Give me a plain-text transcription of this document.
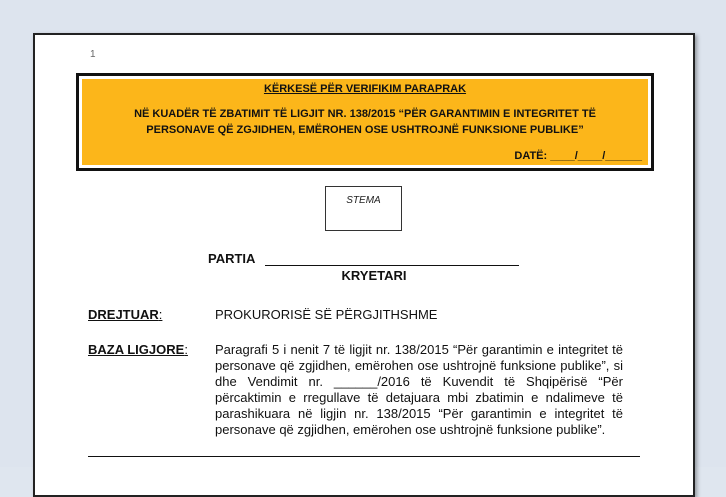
1
KËRKESË PËR VERIFIKIM PARAPRAK
NË KUADËR TË ZBATIMIT TË LIGJIT NR. 138/2015 “PËR GARANTIMIN E INTEGRITET TË
PERSONAVE QË ZGJIDHEN, EMËROHEN OSE USHTROJNË FUNKSIONE PUBLIKE”
DATË: ____/____/______
STEMA
PARTIA
KRYETARI
DREJTUAR:	PROKURORISË SË PËRGJITHSHME
BAZA LIGJORE: Paragrafi 5 i nenit 7 të ligjit nr. 138/2015 “Për garantimin e integritet të personave që zgjidhen, emërohen ose ushtrojnë funksione publike”, si dhe Vendimit nr. ______/2016 të Kuvendit të Shqipërisë “Për përcaktimin e rregullave të detajuara mbi zbatimin e ndalimeve të parashikuara në ligjin nr. 138/2015 “Për garantimin e integritet të personave që zgjidhen, emërohen ose ushtrojnë funksione publike”.
